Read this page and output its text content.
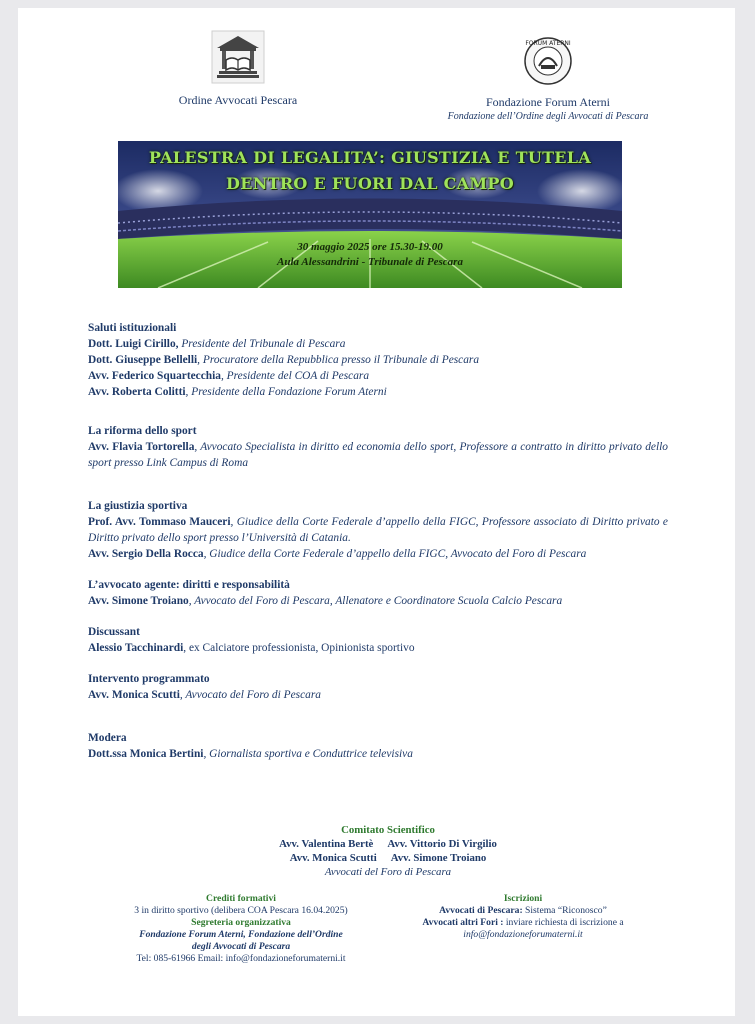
Ordine Avvocati Pescara
FORUM ATERNI
Fondazione Forum Aterni
Fondazione dell’Ordine degli Avvocati di Pescara
PALESTRA DI LEGALITA’: GIUSTIZIA E TUTELA
DENTRO E FUORI DAL CAMPO
30 maggio 2025 ore 15.30-19.00
Aula Alessandrini - Tribunale di Pescara
Saluti istituzionali
Dott. Luigi Cirillo, Presidente del Tribunale di Pescara
Dott. Giuseppe Bellelli, Procuratore della Repubblica presso il Tribunale di Pescara
Avv. Federico Squartecchia, Presidente del COA di Pescara
Avv. Roberta Colitti, Presidente della Fondazione Forum Aterni
La riforma dello sport
Avv. Flavia Tortorella, Avvocato Specialista in diritto ed economia dello sport, Professore a contratto in diritto privato dello sport presso Link Campus di Roma
La giustizia sportiva
Prof. Avv. Tommaso Mauceri, Giudice della Corte Federale d’appello della FIGC, Professore associato di Diritto privato e Diritto privato dello sport presso l’Università di Catania.
Avv. Sergio Della Rocca, Giudice della Corte Federale d’appello della FIGC, Avvocato del Foro di Pescara
L’avvocato agente: diritti e responsabilità
Avv. Simone Troiano, Avvocato del Foro di Pescara, Allenatore e Coordinatore Scuola Calcio Pescara
Discussant
Alessio Tacchinardi, ex Calciatore professionista, Opinionista sportivo
Intervento programmato
Avv. Monica Scutti, Avvocato del Foro di Pescara
Modera
Dott.ssa Monica Bertini, Giornalista sportiva e Conduttrice televisiva
Comitato Scientifico
Avv. Valentina Bertè Avv. Vittorio Di Virgilio
Avv. Monica Scutti Avv. Simone Troiano
Avvocati del Foro di Pescara
Crediti formativi
3 in diritto sportivo (delibera COA Pescara 16.04.2025)
Segreteria organizzativa
Fondazione Forum Aterni, Fondazione dell’Ordine
degli Avvocati di Pescara
Tel: 085-61966 Email: info@fondazioneforumaterni.it
Iscrizioni
Avvocati di Pescara: Sistema “Riconosco”
Avvocati altri Fori : inviare richiesta di iscrizione a
info@fondazioneforumaterni.it
